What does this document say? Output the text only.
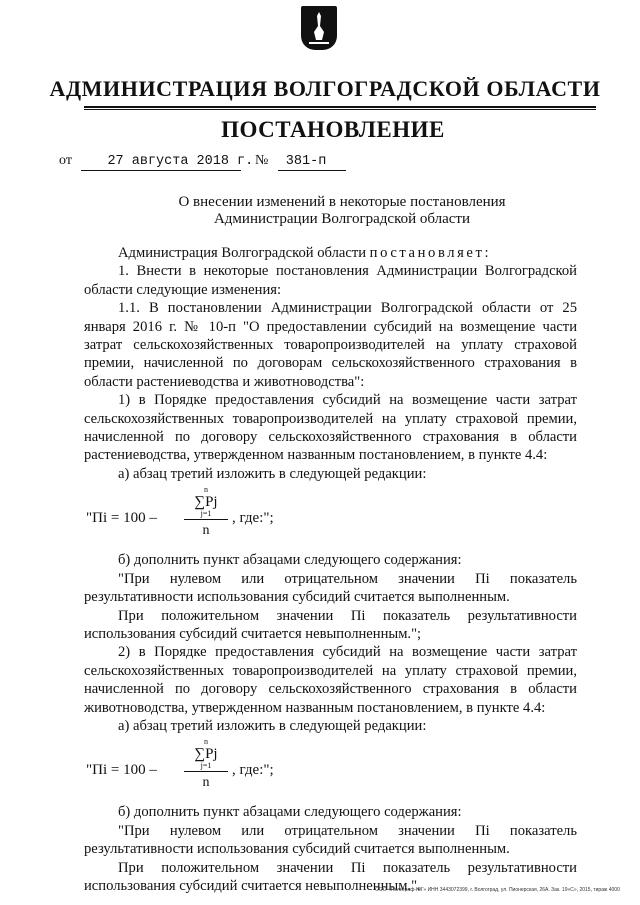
АДМИНИСТРАЦИЯ ВОЛГОГРАДСКОЙ ОБЛАСТИ
ПОСТАНОВЛЕНИЕ
от	27 августа 2018 г. № 381-п
О внесении изменений в некоторые постановления
Администрации Волгоградской области

Администрация Волгоградской области постановляет:

1. Внести в некоторые постановления Администрации Волгоградской области следующие изменения:

1.1. В постановлении Администрации Волгоградской области от 25 января 2016 г. № 10-п "О предоставлении субсидий на возмещение части затрат сельскохозяйственных товаропроизводителей на уплату страховой премии, начисленной по договорам сельскохозяйственного страхования в области растениеводства и животноводства":

1) в Порядке предоставления субсидий на возмещение части затрат сельскохозяйственных товаропроизводителей на уплату страховой премии, начисленной по договору сельскохозяйственного страхования в области растениеводства, утвержденном названным постановлением, в пункте 4.4:

а) абзац третий изложить в следующей редакции:

"Пi = 100 –
n
∑Pj
j=1
n
, где:";

б) дополнить пункт абзацами следующего содержания:

"При нулевом или отрицательном значении Пi показатель результативности использования субсидий считается выполненным.

При положительном значении Пi показатель результативности использования субсидий считается невыполненным.";

2) в Порядке предоставления субсидий на возмещение части затрат сельскохозяйственных товаропроизводителей на уплату страховой премии, начисленной по договору сельскохозяйственного страхования в области животноводства, утвержденном названным постановлением, в пункте 4.4:

а) абзац третий изложить в следующей редакции:

"Пi = 100 –
n
∑Pj
j=1
n
, где:";

б) дополнить пункт абзацами следующего содержания:

"При нулевом или отрицательном значении Пi показатель результативности использования субсидий считается выполненным.

При положительном значении Пi показатель результативности использования субсидий считается невыполненным.".

ООО «Полиграф-ЮГ» ИНН 3443072399, г. Волгоград, ул. Пионерская, 26А. Зак. 19«С», 2015, тираж 4000
